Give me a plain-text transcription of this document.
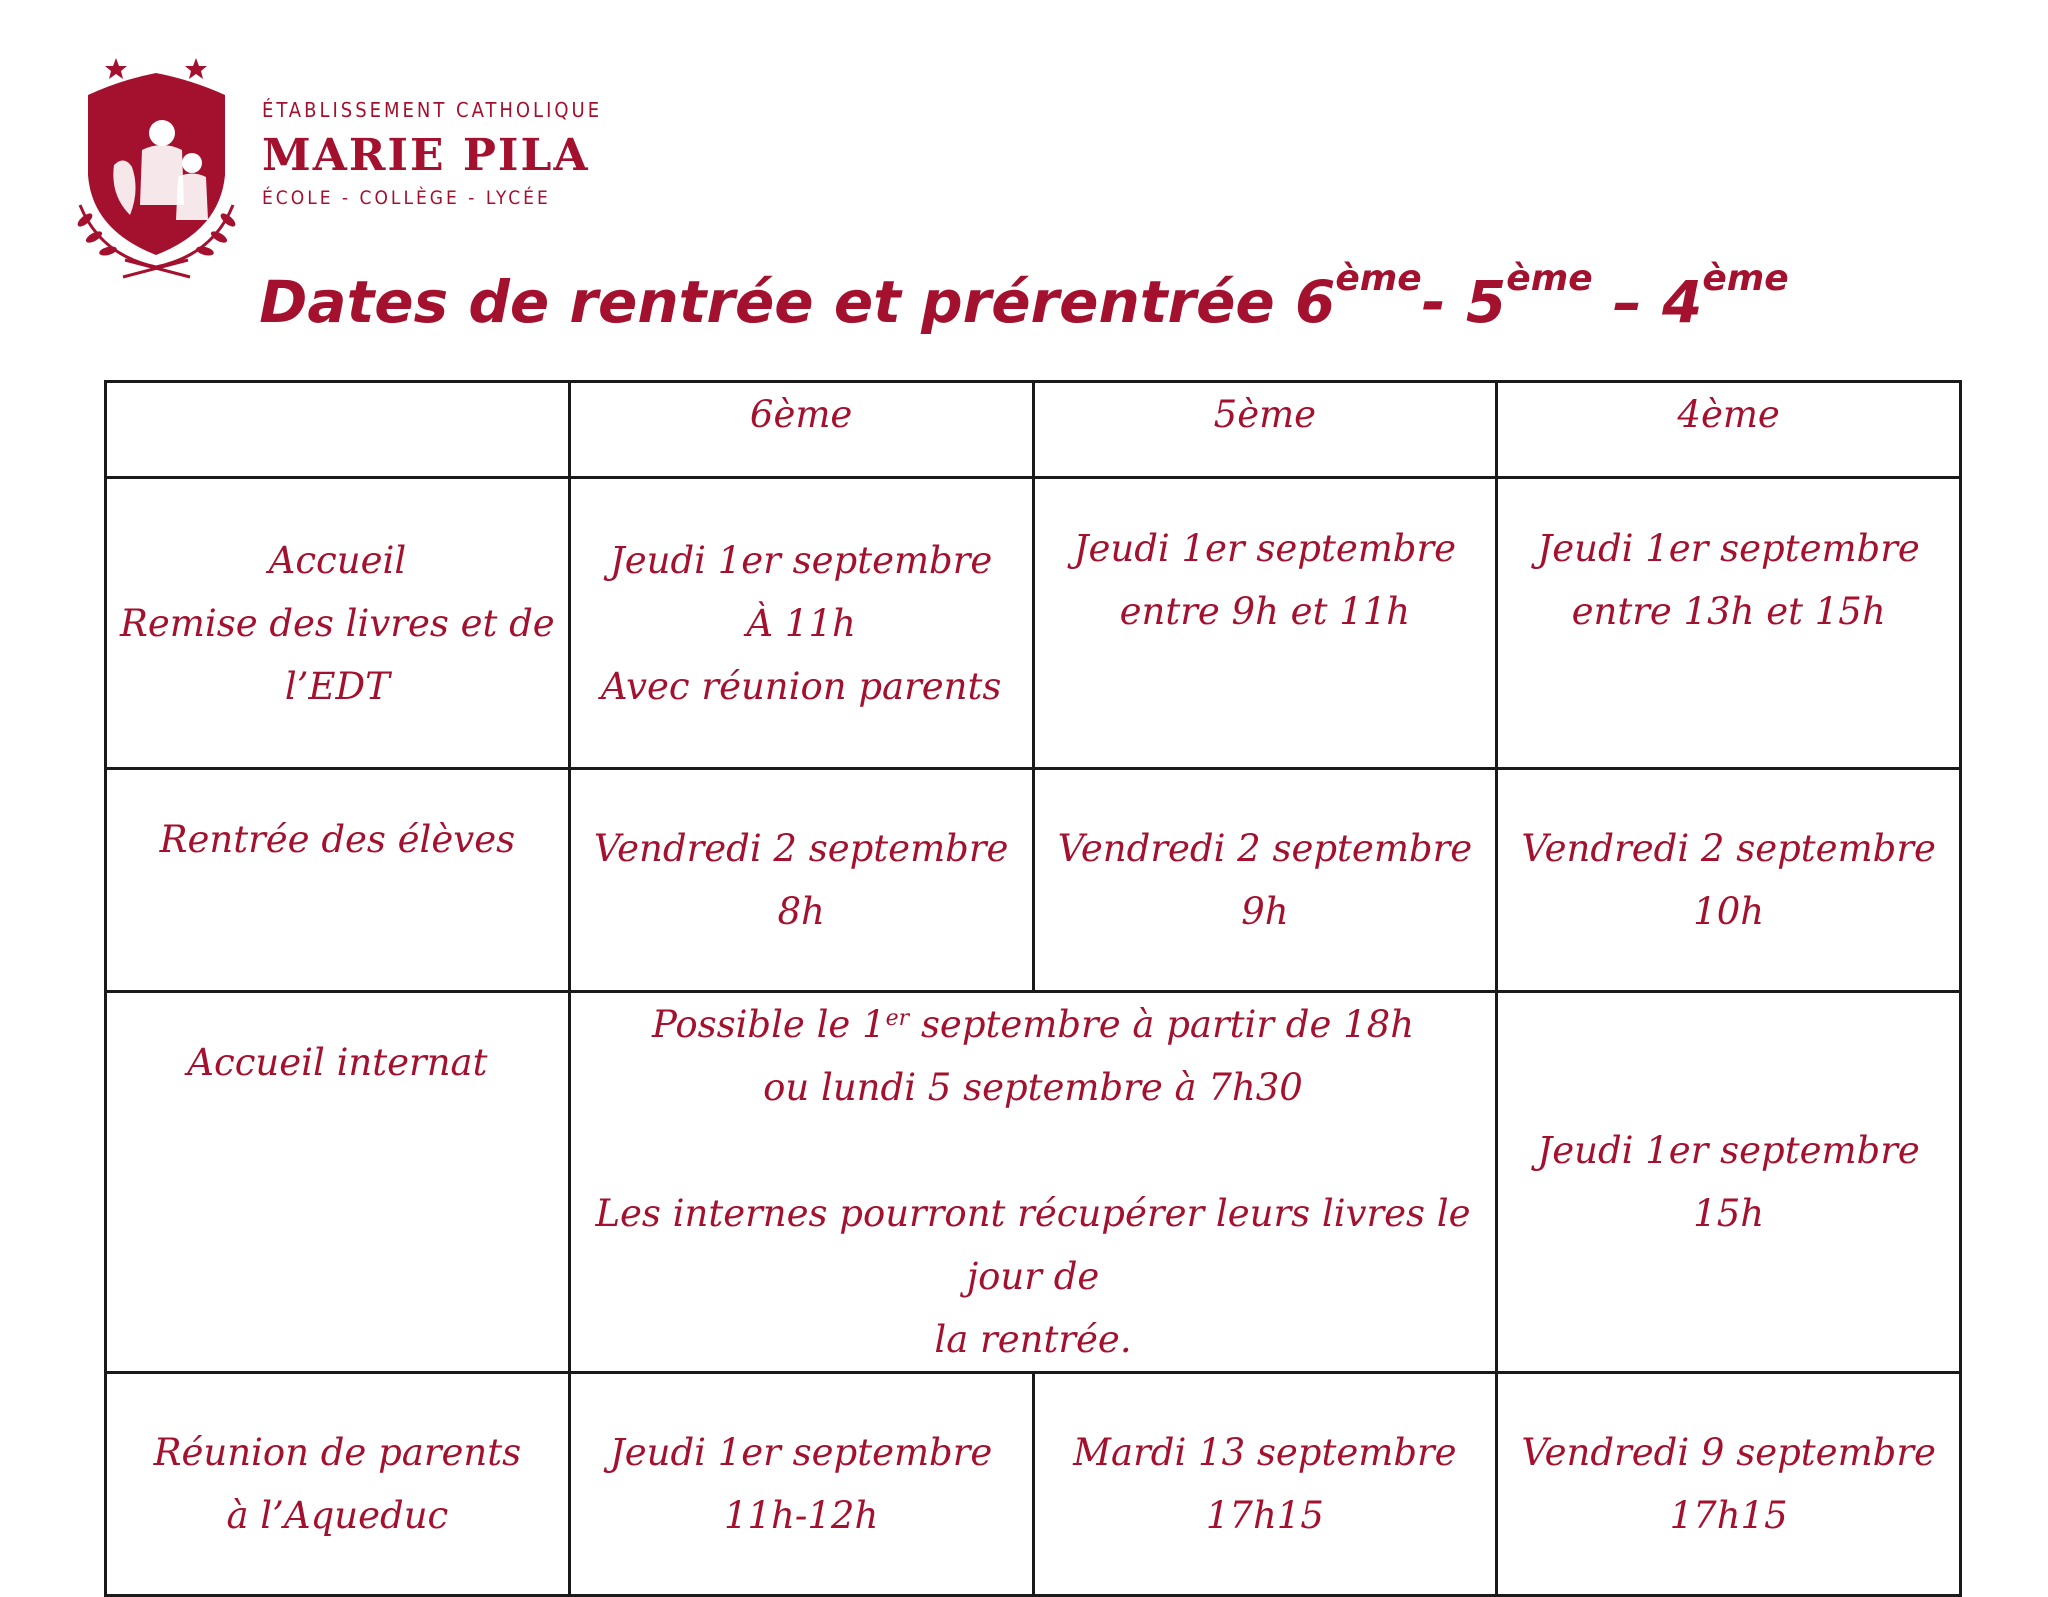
ÉTABLISSEMENT CATHOLIQUE
MARIE PILA
ÉCOLE - COLLÈGE - LYCÉE
Dates de rentrée et prérentrée 6ème- 5ème – 4ème
	6ème	5ème	4ème

Accueil
Remise des livres et de
l’EDT	Jeudi 1er septembre
À 11h
Avec réunion parents	Jeudi 1er septembre
entre 9h et 11h	Jeudi 1er septembre
entre 13h et 15h

Rentrée des élèves	Vendredi 2 septembre
8h	Vendredi 2 septembre
9h	Vendredi 2 septembre
10h

Accueil internat	Possible le 1er septembre à partir de 18h
ou lundi 5 septembre à 7h30
Les internes pourront récupérer leurs livres le jour de
la rentrée.		Jeudi 1er septembre 15h

Réunion de parents
à l’Aqueduc	Jeudi 1er septembre
11h-12h	Mardi 13 septembre
17h15	Vendredi 9 septembre
17h15
